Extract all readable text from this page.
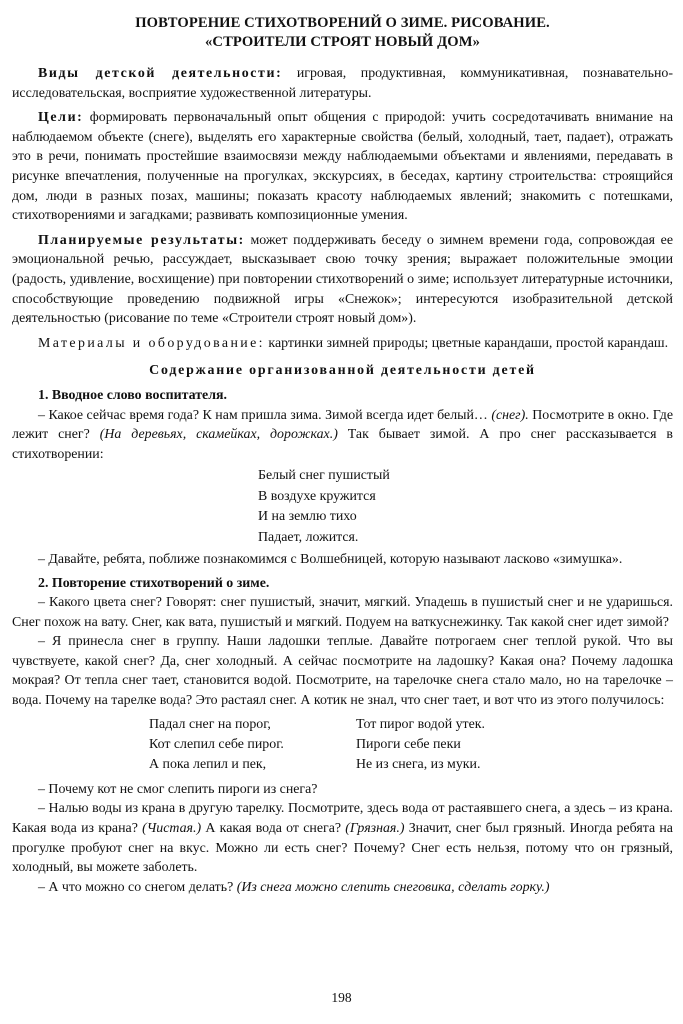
ПОВТОРЕНИЕ СТИХОТВОРЕНИЙ О ЗИМЕ. РИСОВАНИЕ.
«СТРОИТЕЛИ СТРОЯТ НОВЫЙ ДОМ»

Виды детской деятельности: игровая, продуктивная, коммуникативная, познавательно-исследовательская, восприятие художественной литературы.

Цели: формировать первоначальный опыт общения с природой: учить сосредотачивать внимание на наблюдаемом объекте (снеге), выделять его характерные свойства (белый, холодный, тает, падает), отражать это в речи, понимать простейшие взаимосвязи между наблюдаемыми объектами и явлениями, передавать в рисунке впечатления, полученные на прогулках, экскурсиях, в беседах, картину строительства: строящийся дом, люди в разных позах, машины; показать красоту наблюдаемых явлений; знакомить с потешками, стихотворениями и загадками; развивать композиционные умения.

Планируемые результаты: может поддерживать беседу о зимнем времени года, сопровождая ее эмоциональной речью, рассуждает, высказывает свою точку зрения; выражает положительные эмоции (радость, удивление, восхищение) при повторении стихотворений о зиме; использует литературные источники, способствующие проведению подвижной игры «Снежок»; интересуются изобразительной детской деятельностью (рисование по теме «Строители строят новый дом»).

Материалы и оборудование: картинки зимней природы; цветные карандаши, простой карандаш.

Содержание организованной деятельности детей

1. Вводное слово воспитателя.

– Какое сейчас время года? К нам пришла зима. Зимой всегда идет белый… (снег). Посмотрите в окно. Где лежит снег? (На деревьях, скамейках, дорожках.) Так бывает зимой. А про снег рассказывается в стихотворении:

Белый снег пушистый
В воздухе кружится
И на землю тихо
Падает, ложится.

– Давайте, ребята, поближе познакомимся с Волшебницей, которую называют ласково «зимушка».

2. Повторение стихотворений о зиме.

– Какого цвета снег? Говорят: снег пушистый, значит, мягкий. Упадешь в пушистый снег и не ударишься. Снег похож на вату. Снег, как вата, пушистый и мягкий. Подуем на ваткуснежинку. Так какой снег идет зимой?

– Я принесла снег в группу. Наши ладошки теплые. Давайте потрогаем снег теплой рукой. Что вы чувствуете, какой снег? Да, снег холодный. А сейчас посмотрите на ладошку? Какая она? Почему ладошка мокрая? От тепла снег тает, становится водой. Посмотрите, на тарелочке снега стало мало, но на тарелочке – вода. Почему на тарелке вода? Это растаял снег. А котик не знал, что снег тает, и вот что из этого получилось:

Падал снег на порог,
Кот слепил себе пирог.
А пока лепил и пек,
Тот пирог водой утек.
Пироги себе пеки
Не из снега, из муки.

– Почему кот не смог слепить пироги из снега?

– Налью воды из крана в другую тарелку. Посмотрите, здесь вода от растаявшего снега, а здесь – из крана. Какая вода из крана? (Чистая.) А какая вода от снега? (Грязная.) Значит, снег был грязный. Иногда ребята на прогулке пробуют снег на вкус. Можно ли есть снег? Почему? Снег есть нельзя, потому что он грязный, холодный, вы можете заболеть.

– А что можно со снегом делать? (Из снега можно слепить снеговика, сделать горку.)

198
